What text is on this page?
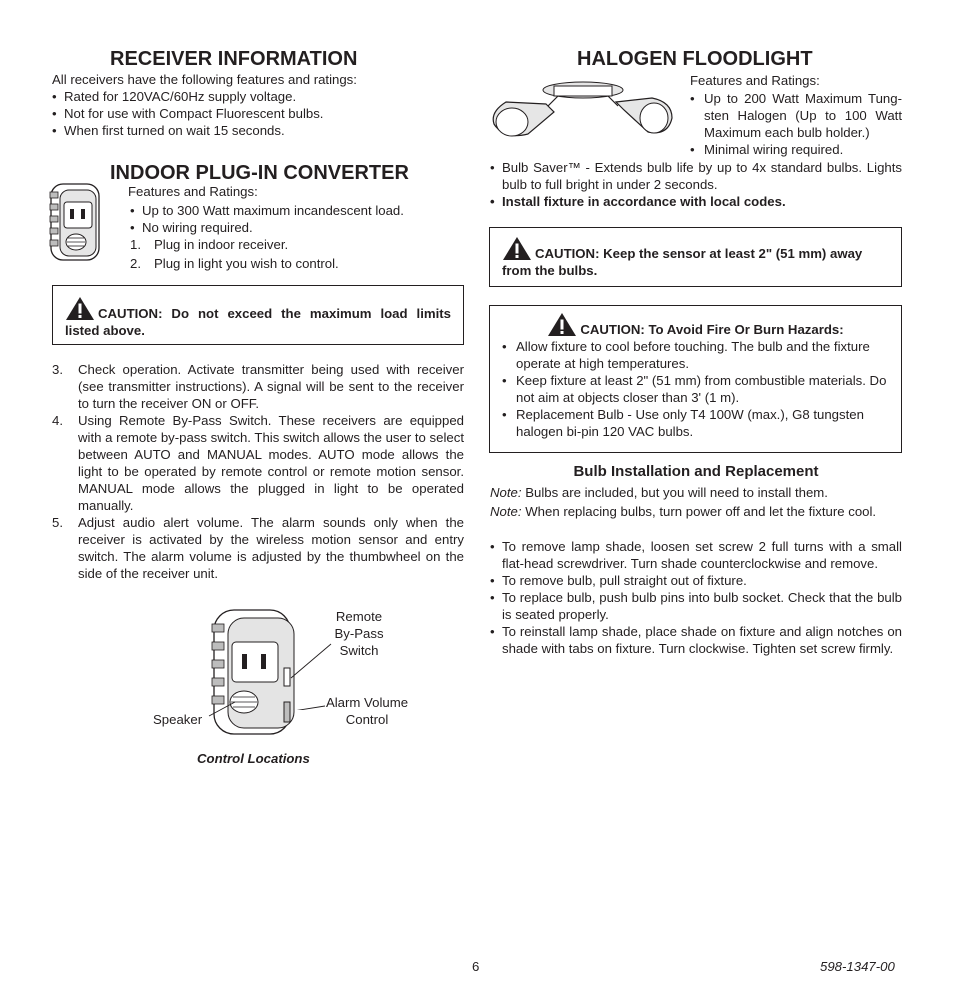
RECEIVER INFORMATION
All receivers have the following features and ratings:
• Rated for 120VAC/60Hz supply voltage.
• Not for use with Compact Fluorescent bulbs.
• When first turned on wait 15 seconds.
INDOOR PLUG-IN CONVERTER
Features and Ratings:
• Up to 300 Watt maximum incandescent load.
• No wiring required.
1. Plug in indoor receiver.
2. Plug in light you wish to control.
CAUTION: Do not exceed the maximum load limits listed above.
3. Check operation. Activate transmitter being used with receiver (see transmitter instructions). A signal will be sent to the receiver to turn the receiver ON or OFF.
4. Using Remote By-Pass Switch. These receivers are equipped with a remote by-pass switch. This switch allows the user to select between AUTO and MANUAL modes. AUTO mode allows the light to be operated by remote control or remote motion sensor. MANUAL mode allows the plugged in light to be operated manually.
5. Adjust audio alert volume. The alarm sounds only when the receiver is activated by the wireless motion sensor and entry switch. The alarm volume is adjusted by the thumbwheel on the side of the receiver unit.
Remote
By-Pass
Switch
Alarm Volume
Control
Speaker
Control Locations
HALOGEN FLOODLIGHT
Features and Ratings:
• Up to 200 Watt Maximum Tung-sten Halogen (Up to 100 Watt Maximum each bulb holder.)
• Minimal wiring required.
• Bulb Saver™ - Extends bulb life by up to 4x standard bulbs. Lights bulb to full bright in under 2 seconds.
• Install fixture in accordance with local codes.
CAUTION: Keep the sensor at least 2" (51 mm) away from the bulbs.
CAUTION: To Avoid Fire Or Burn Hazards:
• Allow fixture to cool before touching. The bulb and the fixture operate at high temperatures.
• Keep fixture at least 2" (51 mm) from combustible materials. Do not aim at objects closer than 3' (1 m).
• Replacement Bulb - Use only T4 100W (max.), G8 tungsten halogen bi-pin 120 VAC bulbs.
Bulb Installation and Replacement
Note: Bulbs are included, but you will need to install them.
Note: When replacing bulbs, turn power off and let the fixture cool.
• To remove lamp shade, loosen set screw 2 full turns with a small flat-head screwdriver. Turn shade counterclockwise and remove.
• To remove bulb, pull straight out of fixture.
• To replace bulb, push bulb pins into bulb socket. Check that the bulb is seated properly.
• To reinstall lamp shade, place shade on fixture and align notches on shade with tabs on fixture. Turn clockwise. Tighten set screw firmly.
6	598-1347-00
